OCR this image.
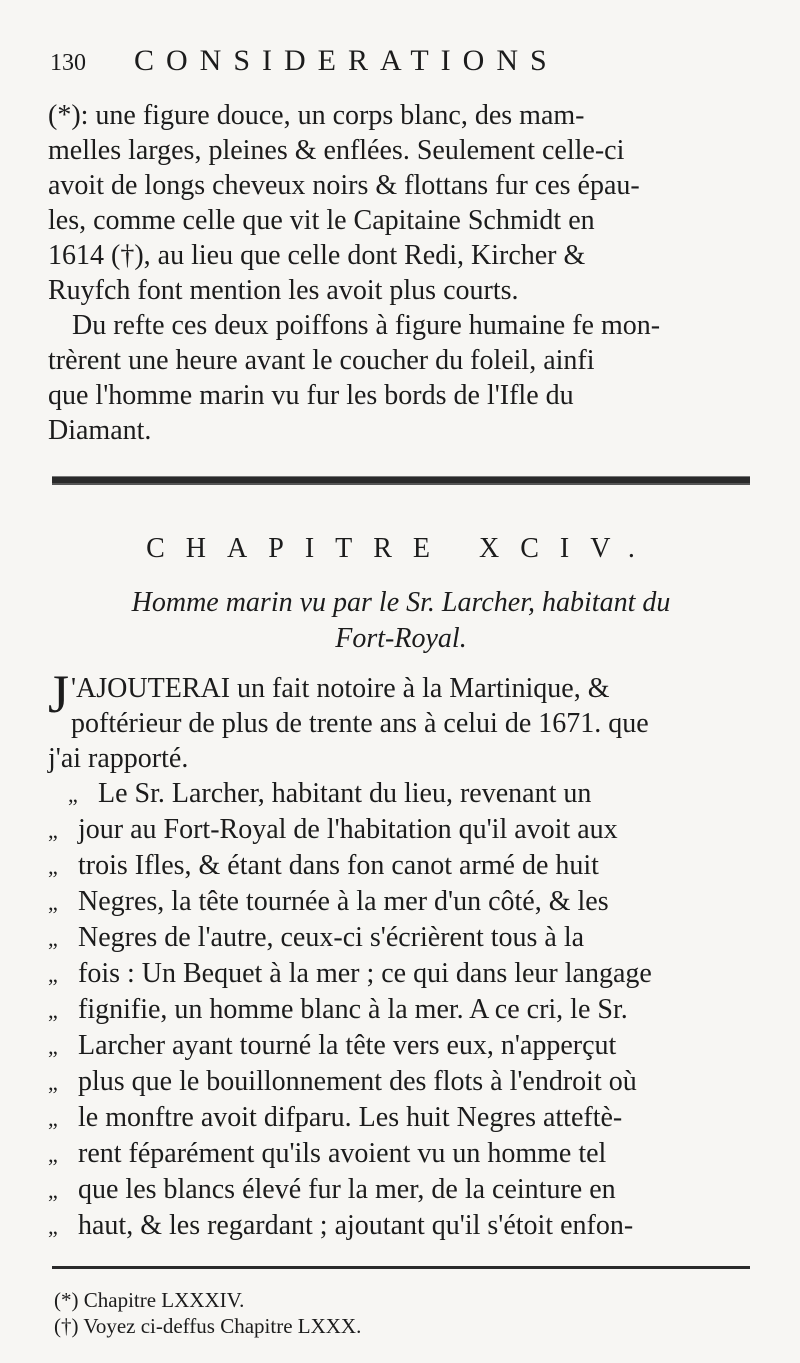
130 CONSIDERATIONS

(*): une figure douce, un corps blanc, des mam-
melles larges, pleines & enflées. Seulement celle-ci
avoit de longs cheveux noirs & flottans fur ces épau-
les, comme celle que vit le Capitaine Schmidt en
1614 (†), au lieu que celle dont Redi, Kircher &
Ruyfch font mention les avoit plus courts.

Du refte ces deux poiffons à figure humaine fe mon-
trèrent une heure avant le coucher du foleil, ainfi
que l'homme marin vu fur les bords de l'Ifle du
Diamant.

CHAPITRE XCIV.
Homme marin vu par le Sr. Larcher, habitant du
Fort-Royal.

J 'AJOUTERAI un fait notoire à la Martinique, &
poftérieur de plus de trente ans à celui de 1671. que
j'ai rapporté.

„ Le Sr. Larcher, habitant du lieu, revenant un
„ jour au Fort-Royal de l'habitation qu'il avoit aux
„ trois Ifles, & étant dans fon canot armé de huit
„ Negres, la tête tournée à la mer d'un côté, & les
„ Negres de l'autre, ceux-ci s'écrièrent tous à la
„ fois : Un Bequet à la mer ; ce qui dans leur langage
„ fignifie, un homme blanc à la mer. A ce cri, le Sr.
„ Larcher ayant tourné la tête vers eux, n'apperçut
„ plus que le bouillonnement des flots à l'endroit où
„ le monftre avoit difparu. Les huit Negres atteftè-
„ rent féparément qu'ils avoient vu un homme tel
„ que les blancs élevé fur la mer, de la ceinture en
„ haut, & les regardant ; ajoutant qu'il s'étoit enfon-
(*) Chapitre LXXXIV.
(†) Voyez ci-deffus Chapitre LXXX.
